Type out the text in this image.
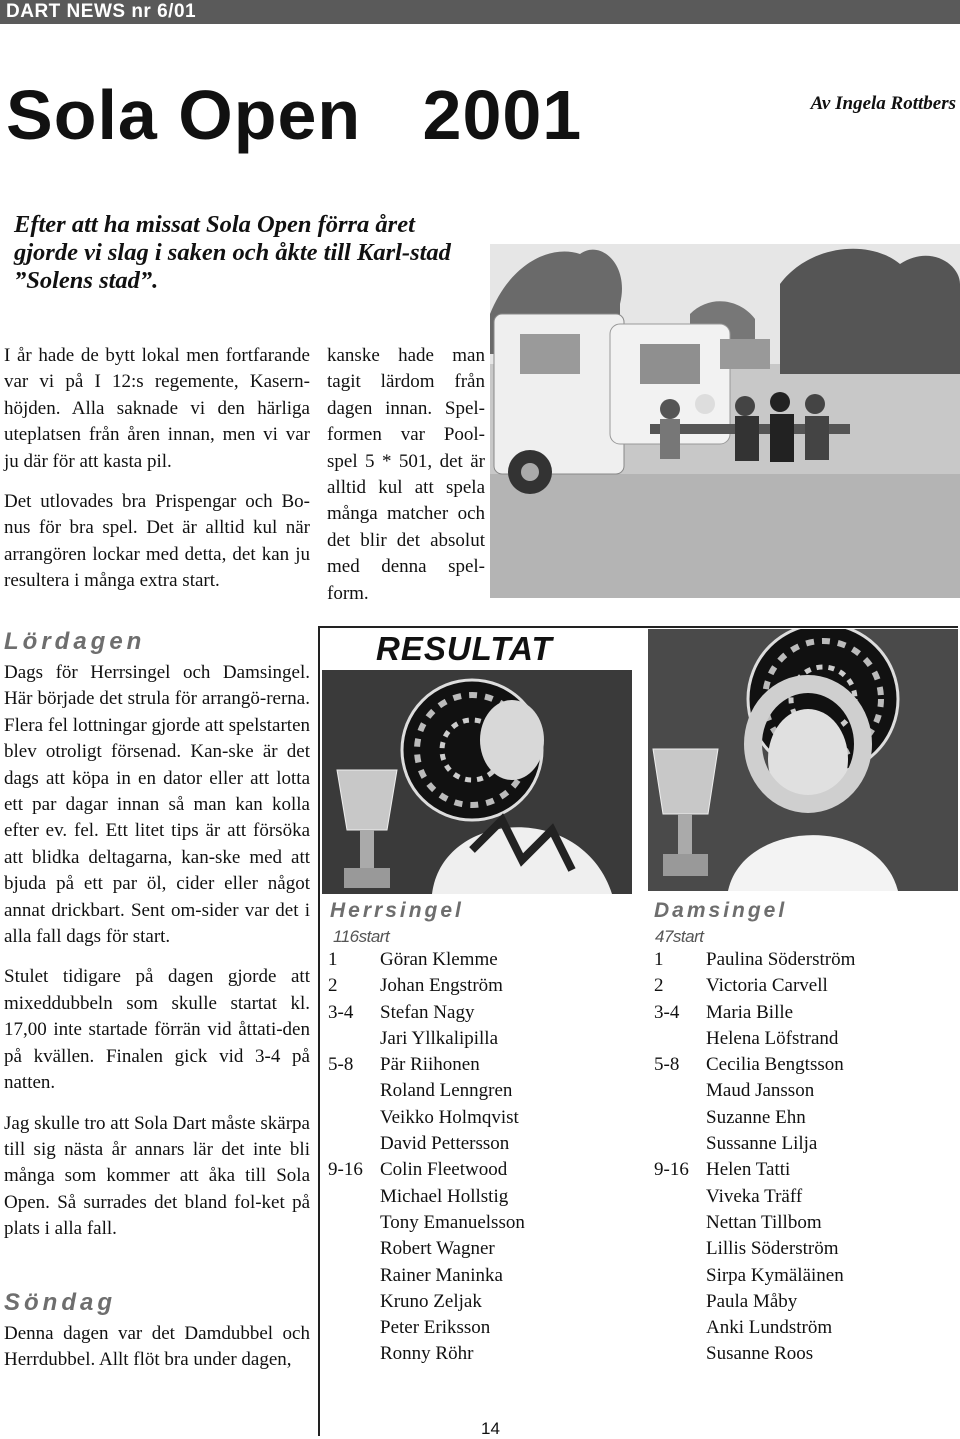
DART NEWS nr 6/01
Sola Open   2001	Av Ingela Rottbers
Efter att ha missat Sola Open förra året gjorde vi slag i saken och åkte till Karl-stad ”Solens stad”.

I år hade de bytt lokal men fortfarande var vi på I 12:s regemente, Kasern-höjden. Alla saknade vi den härliga uteplatsen från åren innan, men vi var ju där för att kasta pil.

Det utlovades bra Prispengar och Bo-nus för bra spel. Det är alltid kul när arrangören lockar med detta, det kan ju resultera i många extra start.

kanske hade man tagit lärdom från dagen innan. Spel-formen var Pool-spel 5 * 501, det är alltid kul att spela många matcher och det blir det absolut med denna spel-form.

Lördagen

Dags för Herrsingel och Damsingel. Här började det strula för arrangö-rerna. Flera fel lottningar gjorde att spelstarten blev otroligt försenad. Kan-ske är det dags att köpa in en dator eller att lotta ett par dagar innan så man kan kolla efter ev. fel. Ett litet tips är att försöka att blidka deltagarna, kan-ske med att bjuda på ett par öl, cider eller något annat drickbart. Sent om-sider var det i alla fall dags för start.

Stulet tidigare på dagen gjorde att mixeddubbeln som skulle startat kl. 17,00 inte startade förrän vid åttati-den på kvällen. Finalen gick vid 3-4 på natten.

Jag skulle tro att Sola Dart måste skärpa till sig nästa år annars lär det inte bli många som kommer att åka till Sola Open. Så surrades det bland fol-ket på plats i alla fall.

Söndag

Denna dagen var det Damdubbel och Herrdubbel. Allt flöt bra under dagen,

RESULTAT
Herrsingel
116start
1 Göran Klemme
2 Johan Engström
3-4 Stefan Nagy
Jari Yllkalipilla
5-8 Pär Riihonen
Roland Lenngren
Veikko Holmqvist
David Pettersson
9-16 Colin Fleetwood
Michael Hollstig
Tony Emanuelsson
Robert Wagner
Rainer Maninka
Kruno Zeljak
Peter Eriksson
Ronny Röhr
Damsingel
47start
1 Paulina Söderström
2 Victoria Carvell
3-4 Maria Bille
Helena Löfstrand
5-8 Cecilia Bengtsson
Maud Jansson
Suzanne Ehn
Sussanne Lilja
9-16 Helen Tatti
Viveka Träff
Nettan Tillbom
Lillis Söderström
Sirpa Kymäläinen
Paula Måby
Anki Lundström
Susanne Roos
14
